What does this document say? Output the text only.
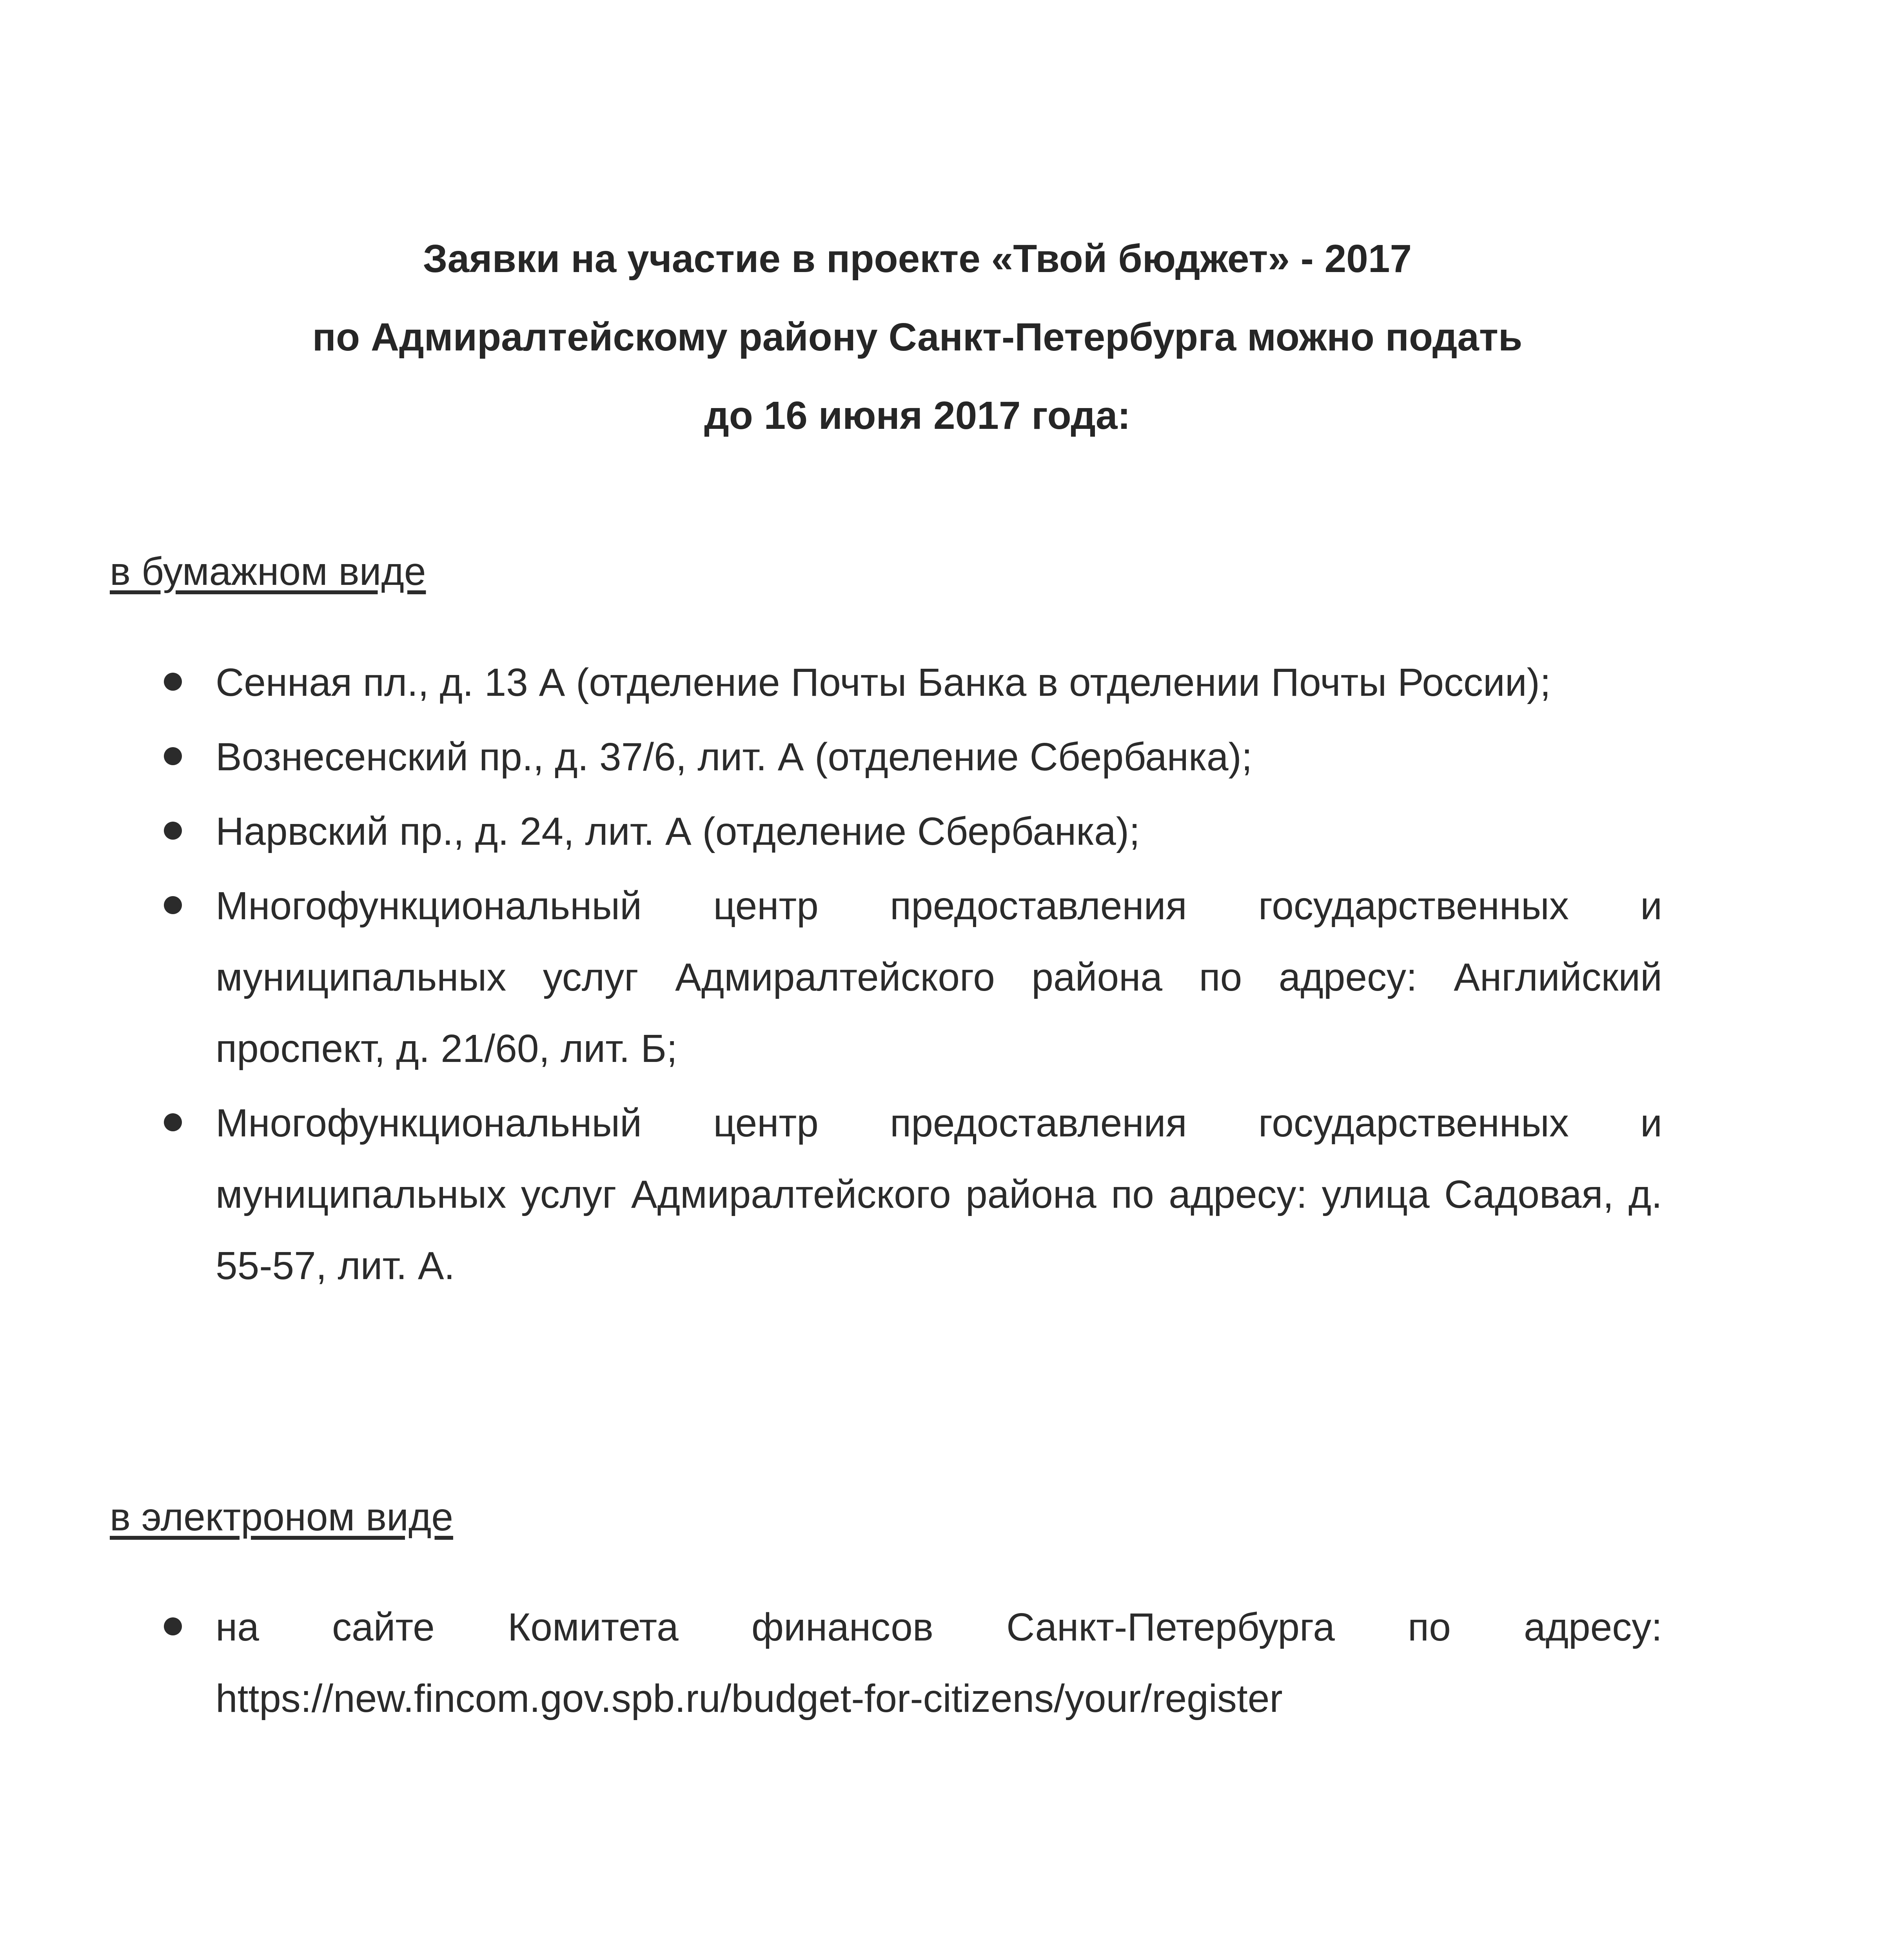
Заявки на участие в проекте «Твой бюджет» - 2017
по Адмиралтейскому району Санкт-Петербурга можно подать
до 16 июня 2017 года:
в бумажном виде
Сенная пл., д. 13 А (отделение Почты Банка в отделении Почты России);
Вознесенский пр., д. 37/6, лит. А (отделение Сбербанка);
Нарвский пр., д. 24, лит. А (отделение Сбербанка);
Многофункциональный центр предоставления государственных и муниципальных услуг Адмиралтейского района по адресу: Английский проспект, д. 21/60, лит. Б;
Многофункциональный центр предоставления государственных и муниципальных услуг Адмиралтейского района по адресу: улица Садовая, д. 55-57, лит. А.
в электроном виде
на сайте Комитета финансов Санкт-Петербурга по адресу: https://new.fincom.gov.spb.ru/budget-for-citizens/your/register
